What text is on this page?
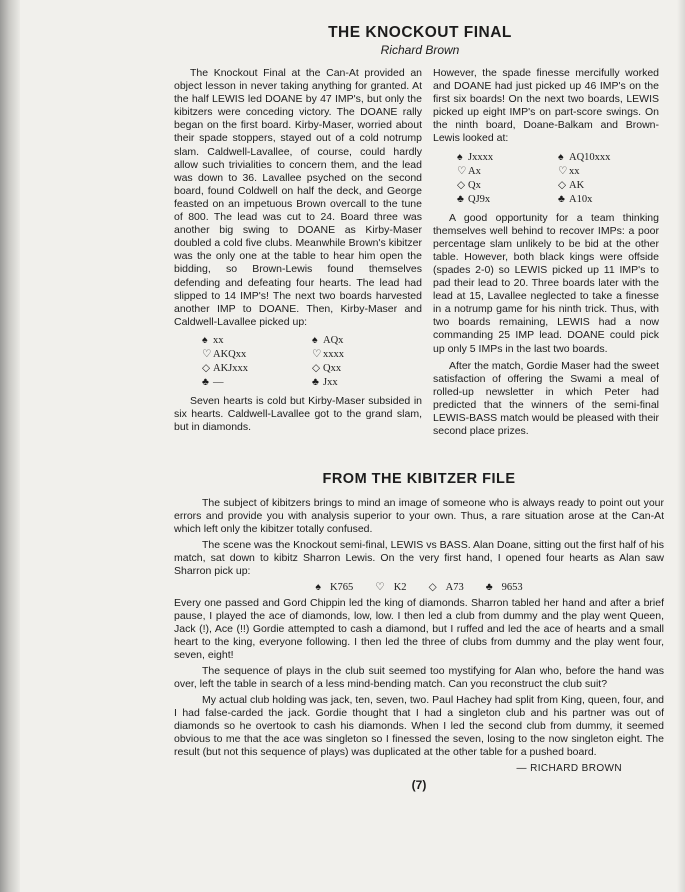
THE KNOCKOUT FINAL
Richard Brown

The Knockout Final at the Can-At provided an object lesson in never taking anything for granted. At the half LEWIS led DOANE by 47 IMP's, but only the kibitzers were conceding victory. The DOANE rally began on the first board. Kirby-Maser, worried about their spade stoppers, stayed out of a cold notrump slam. Caldwell-Lavallee, of course, could hardly allow such trivialities to concern them, and the lead was down to 36. Lavallee psyched on the second board, found Coldwell on half the deck, and George feasted on an impetuous Brown overcall to the tune of 800. The lead was cut to 24. Board three was another big swing to DOANE as Kirby-Maser doubled a cold five clubs. Meanwhile Brown's kibitzer was the only one at the table to hear him open the bidding, so Brown-Lewis found themselves defending and defeating four hearts. The lead had slipped to 14 IMP's! The next two boards harvested another IMP to DOANE. Then, Kirby-Maser and Caldwell-Lavallee picked up:

♠ xx	♠ AQx
♡ AKQxx	♡ xxxx
◇ AKJxxx	◇ Qxx
♣ —	♣ Jxx

Seven hearts is cold but Kirby-Maser subsided in six hearts. Caldwell-Lavallee got to the grand slam, but in diamonds.

However, the spade finesse mercifully worked and DOANE had just picked up 46 IMP's on the first six boards! On the next two boards, LEWIS picked up eight IMP's on part-score swings. On the ninth board, Doane-Balkam and Brown-Lewis looked at:

♠ Jxxxx	♠ AQ10xxx
♡ Ax	♡ xx
◇ Qx	◇ AK
♣ QJ9x	♣ A10x

A good opportunity for a team thinking themselves well behind to recover IMPs: a poor percentage slam unlikely to be bid at the other table. However, both black kings were offside (spades 2-0) so LEWIS picked up 11 IMP's to pad their lead to 20. Three boards later with the lead at 15, Lavallee neglected to take a finesse in a notrump game for his ninth trick. Thus, with two boards remaining, LEWIS had a now commanding 25 IMP lead. DOANE could pick up only 5 IMPs in the last two boards.

After the match, Gordie Maser had the sweet satisfaction of offering the Swami a meal of rolled-up newsletter in which Peter had predicted that the winners of the semi-final LEWIS-BASS match would be pleased with their second place prizes.

FROM THE KIBITZER FILE

The subject of kibitzers brings to mind an image of someone who is always ready to point out your errors and provide you with analysis superior to your own. Thus, a rare situation arose at the Can-At which left only the kibitzer totally confused.

The scene was the Knockout semi-final, LEWIS vs BASS. Alan Doane, sitting out the first half of his match, sat down to kibitz Sharron Lewis. On the very first hand, I opened four hearts as Alan saw Sharron pick up:

♠ K765 ♡ K2 ◇ A73 ♣ 9653

Every one passed and Gord Chippin led the king of diamonds. Sharron tabled her hand and after a brief pause, I played the ace of diamonds, low, low. I then led a club from dummy and the play went Queen, Jack (!), Ace (!!) Gordie attempted to cash a diamond, but I ruffed and led the ace of hearts and a small heart to the king, everyone following. I then led the three of clubs from dummy and the play went four, seven, eight!

The sequence of plays in the club suit seemed too mystifying for Alan who, before the hand was over, left the table in search of a less mind-bending match. Can you reconstruct the club suit?

My actual club holding was jack, ten, seven, two. Paul Hachey had split from King, queen, four, and I had false-carded the jack. Gordie thought that I had a singleton club and his partner was out of diamonds so he overtook to cash his diamonds. When I led the second club from dummy, it seemed obvious to me that the ace was singleton so I finessed the seven, losing to the now singleton eight. The result (but not this sequence of plays) was duplicated at the other table for a pushed board.

— RICHARD BROWN
(7)
